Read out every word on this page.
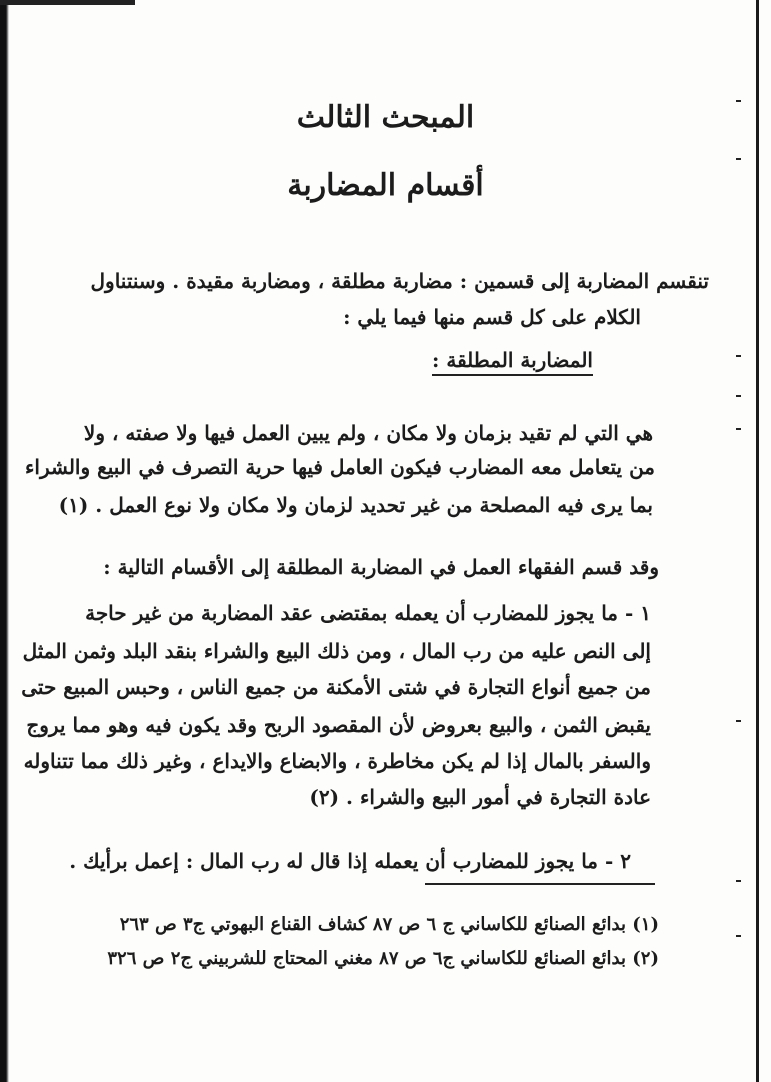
المبحث الثالث
أقسام المضاربة
تنقسم المضاربة إلى قسمين : مضاربة مطلقة ، ومضاربة مقيدة . وسنتناول
الكلام على كل قسم منها فيما يلي :
المضاربة المطلقة :
هي التي لم تقيد بزمان ولا مكان ، ولم يبين العمل فيها ولا صفته ، ولا
من يتعامل معه المضارب فيكون العامل فيها حرية التصرف في البيع والشراء
بما يرى فيه المصلحة من غير تحديد لزمان ولا مكان ولا نوع العمل . (١)
وقد قسم الفقهاء العمل في المضاربة المطلقة إلى الأقسام التالية :
١ - ما يجوز للمضارب أن يعمله بمقتضى عقد المضاربة من غير حاجة
إلى النص عليه من رب المال ، ومن ذلك البيع والشراء بنقد البلد وثمن المثل
من جميع أنواع التجارة في شتى الأمكنة من جميع الناس ، وحبس المبيع حتى
يقبض الثمن ، والبيع بعروض لأن المقصود الربح وقد يكون فيه وهو مما يروج
والسفر بالمال إذا لم يكن مخاطرة ، والابضاع والايداع ، وغير ذلك مما تتناوله
عادة التجارة في أمور البيع والشراء . (٢)
٢ - ما يجوز للمضارب أن يعمله إذا قال له رب المال : إعمل برأيك .
(١) بدائع الصنائع للكاساني ج ٦ ص ٨٧ كشاف القناع البهوتي ج٣ ص ٢٦٣
(٢) بدائع الصنائع للكاساني ج٦ ص ٨٧ مغني المحتاج للشربيني ج٢ ص ٣٢٦
